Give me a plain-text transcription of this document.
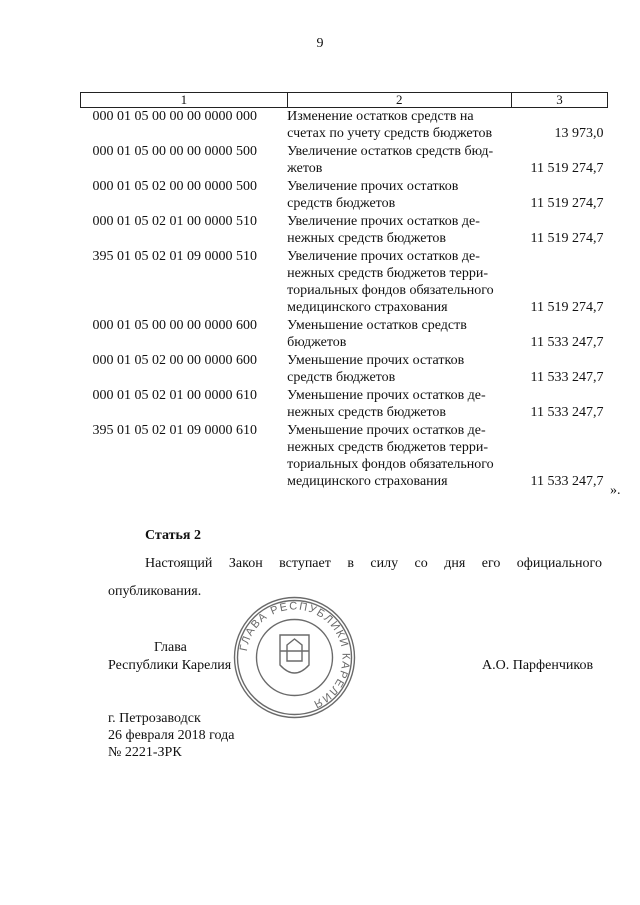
9
1	2	3
000 01 05 00 00 00 0000 000	Изменение остатков средств на
счетах по учету средств бюджетов	13 973,0
000 01 05 00 00 00 0000 500	Увеличение остатков средств бюд-
жетов	11 519 274,7
000 01 05 02 00 00 0000 500	Увеличение прочих остатков
средств бюджетов	11 519 274,7
000 01 05 02 01 00 0000 510	Увеличение прочих остатков де-
нежных средств бюджетов	11 519 274,7
395 01 05 02 01 09 0000 510	Увеличение прочих остатков де-
нежных средств бюджетов терри-
ториальных фондов обязательного
медицинского страхования	11 519 274,7
000 01 05 00 00 00 0000 600	Уменьшение остатков средств
бюджетов	11 533 247,7
000 01 05 02 00 00 0000 600	Уменьшение прочих остатков
средств бюджетов	11 533 247,7
000 01 05 02 01 00 0000 610	Уменьшение прочих остатков де-
нежных средств бюджетов	11 533 247,7
395 01 05 02 01 09 0000 610	Уменьшение прочих остатков де-
нежных средств бюджетов терри-
ториальных фондов обязательного
медицинского страхования	11 533 247,7
».
Статья 2
Настоящий Закон вступает в силу со дня его официального
опубликования.
Глава
Республики Карелия	А.О. Парфенчиков
ГЛАВА РЕСПУБЛИКИ КАРЕЛИЯ
г. Петрозаводск
26 февраля 2018 года
№ 2221-ЗРК
